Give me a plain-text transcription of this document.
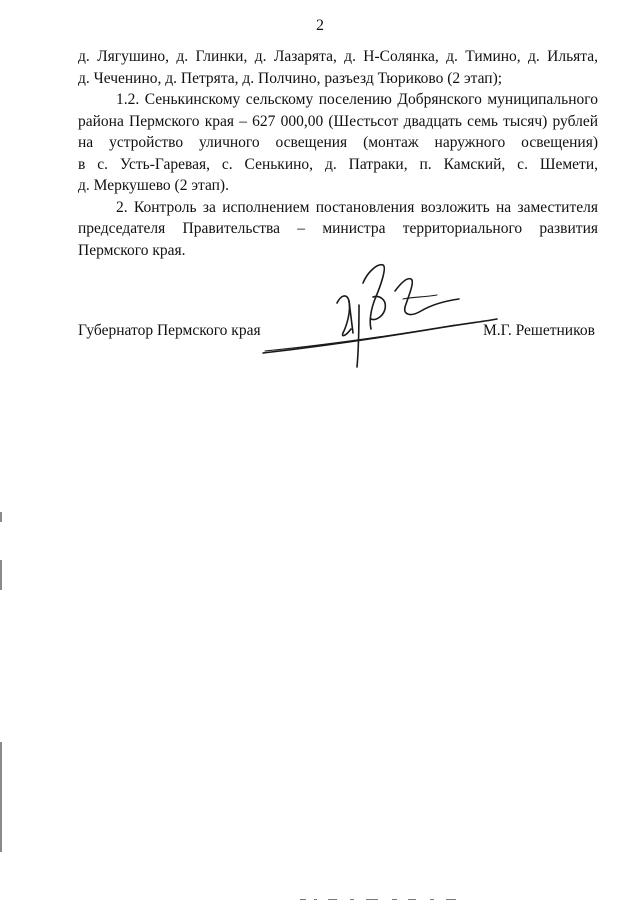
2
д. Лягушино, д. Глинки, д. Лазарята, д. Н-Солянка, д. Тимино, д. Ильята,
д. Чеченино, д. Петрята, д. Полчино, разъезд Тюриково (2 этап);
1.2. Сенькинскому сельскому поселению Добрянского муниципального
района Пермского края – 627 000,00 (Шестьсот двадцать семь тысяч) рублей
на устройство уличного освещения (монтаж наружного освещения)
в с. Усть-Гаревая, с. Сенькино, д. Патраки, п. Камский, с. Шемети,
д. Меркушево (2 этап).
2. Контроль за исполнением постановления возложить на заместителя
председателя Правительства – министра территориального развития
Пермского края.
Губернатор Пермского края	М.Г. Решетников
